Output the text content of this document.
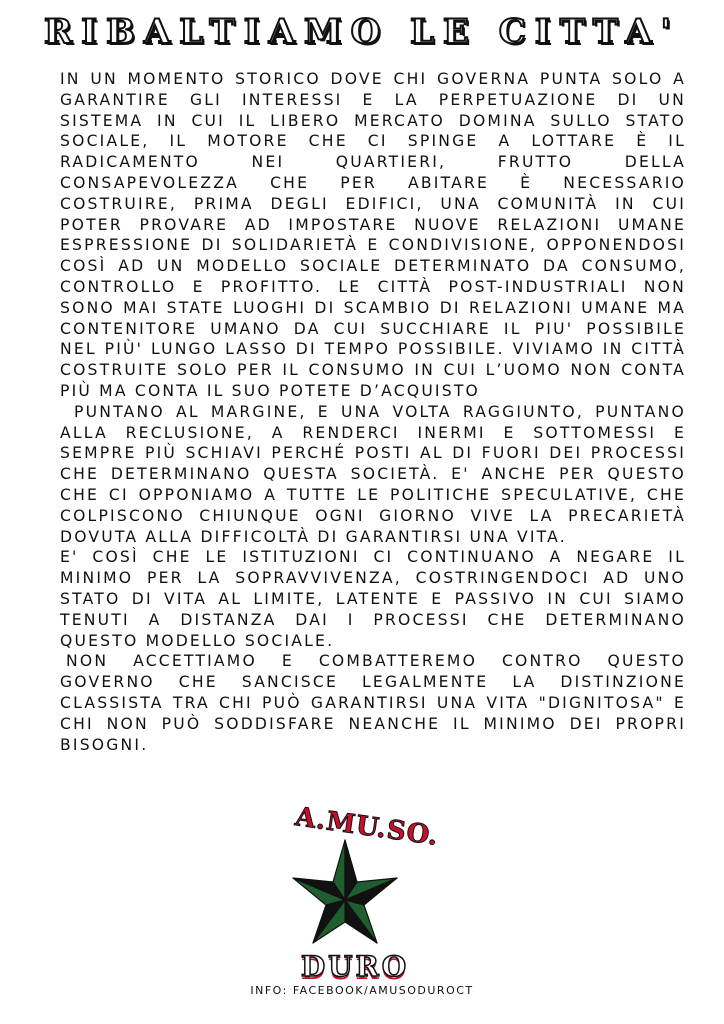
RIBALTIAMO LE CITTA'

IN UN MOMENTO STORICO DOVE CHI GOVERNA PUNTA SOLO A GARANTIRE GLI INTERESSI E LA PERPETUAZIONE DI UN SISTEMA IN CUI IL LIBERO MERCATO DOMINA SULLO STATO SOCIALE, IL MOTORE CHE CI SPINGE A LOTTARE È IL RADICAMENTO NEI QUARTIERI, FRUTTO DELLA CONSAPEVOLEZZA CHE PER ABITARE È NECESSARIO COSTRUIRE, PRIMA DEGLI EDIFICI, UNA COMUNITÀ IN CUI POTER PROVARE AD IMPOSTARE NUOVE RELAZIONI UMANE ESPRESSIONE DI SOLIDARIETÀ E CONDIVISIONE, OPPONENDOSI COSÌ AD UN MODELLO SOCIALE DETERMINATO DA CONSUMO, CONTROLLO E PROFITTO. LE CITTÀ POST-INDUSTRIALI NON SONO MAI STATE LUOGHI DI SCAMBIO DI RELAZIONI UMANE MA CONTENITORE UMANO DA CUI SUCCHIARE IL PIU' POSSIBILE NEL PIÙ' LUNGO LASSO DI TEMPO POSSIBILE. VIVIAMO IN CITTÀ COSTRUITE SOLO PER IL CONSUMO IN CUI L’UOMO NON CONTA PIÙ MA CONTA IL SUO POTETE D’ACQUISTO

PUNTANO AL MARGINE, E UNA VOLTA RAGGIUNTO, PUNTANO ALLA RECLUSIONE, A RENDERCI INERMI E SOTTOMESSI E SEMPRE PIÙ SCHIAVI PERCHÉ POSTI AL DI FUORI DEI PROCESSI CHE DETERMINANO QUESTA SOCIETÀ. E' ANCHE PER QUESTO CHE CI OPPONIAMO A TUTTE LE POLITICHE SPECULATIVE, CHE COLPISCONO CHIUNQUE OGNI GIORNO VIVE LA PRECARIETÀ DOVUTA ALLA DIFFICOLTÀ DI GARANTIRSI UNA VITA.

E' COSÌ CHE LE ISTITUZIONI CI CONTINUANO A NEGARE IL MINIMO PER LA SOPRAVVIVENZA, COSTRINGENDOCI AD UNO STATO DI VITA AL LIMITE, LATENTE E PASSIVO IN CUI SIAMO TENUTI A DISTANZA DAI I PROCESSI CHE DETERMINANO QUESTO MODELLO SOCIALE.

NON ACCETTIAMO E COMBATTEREMO CONTRO QUESTO GOVERNO CHE SANCISCE LEGALMENTE LA DISTINZIONE CLASSISTA TRA CHI PUÒ GARANTIRSI UNA VITA "DIGNITOSA" E CHI NON PUÒ SODDISFARE NEANCHE IL MINIMO DEI PROPRI BISOGNI.

A.MU.SO.
DURO
INFO: FACEBOOK/AMUSODUROCT
